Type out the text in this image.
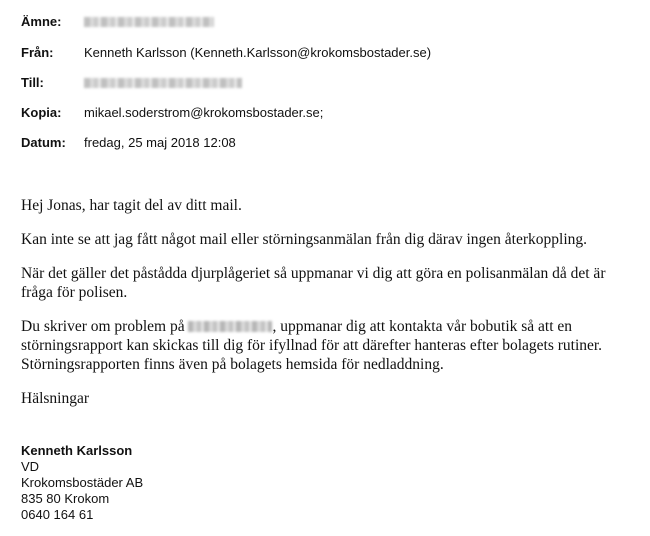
Ämne:
Från: Kenneth Karlsson (Kenneth.Karlsson@krokomsbostader.se)
Till:
Kopia: mikael.soderstrom@krokomsbostader.se;
Datum: fredag, 25 maj 2018 12:08

Hej Jonas, har tagit del av ditt mail.

Kan inte se att jag fått något mail eller störningsanmälan från dig därav ingen återkoppling.

När det gäller det påstådda djurplågeriet så uppmanar vi dig att göra en polisanmälan då det är fråga för polisen.

Du skriver om problem på	, uppmanar dig att kontakta vår bobutik så att en störningsrapport kan skickas till dig för ifyllnad för att därefter hanteras efter bolagets rutiner. Störningsrapporten finns även på bolagets hemsida för nedladdning.

Hälsningar

Kenneth Karlsson
VD
Krokomsbostäder AB
835 80 Krokom
0640 164 61
